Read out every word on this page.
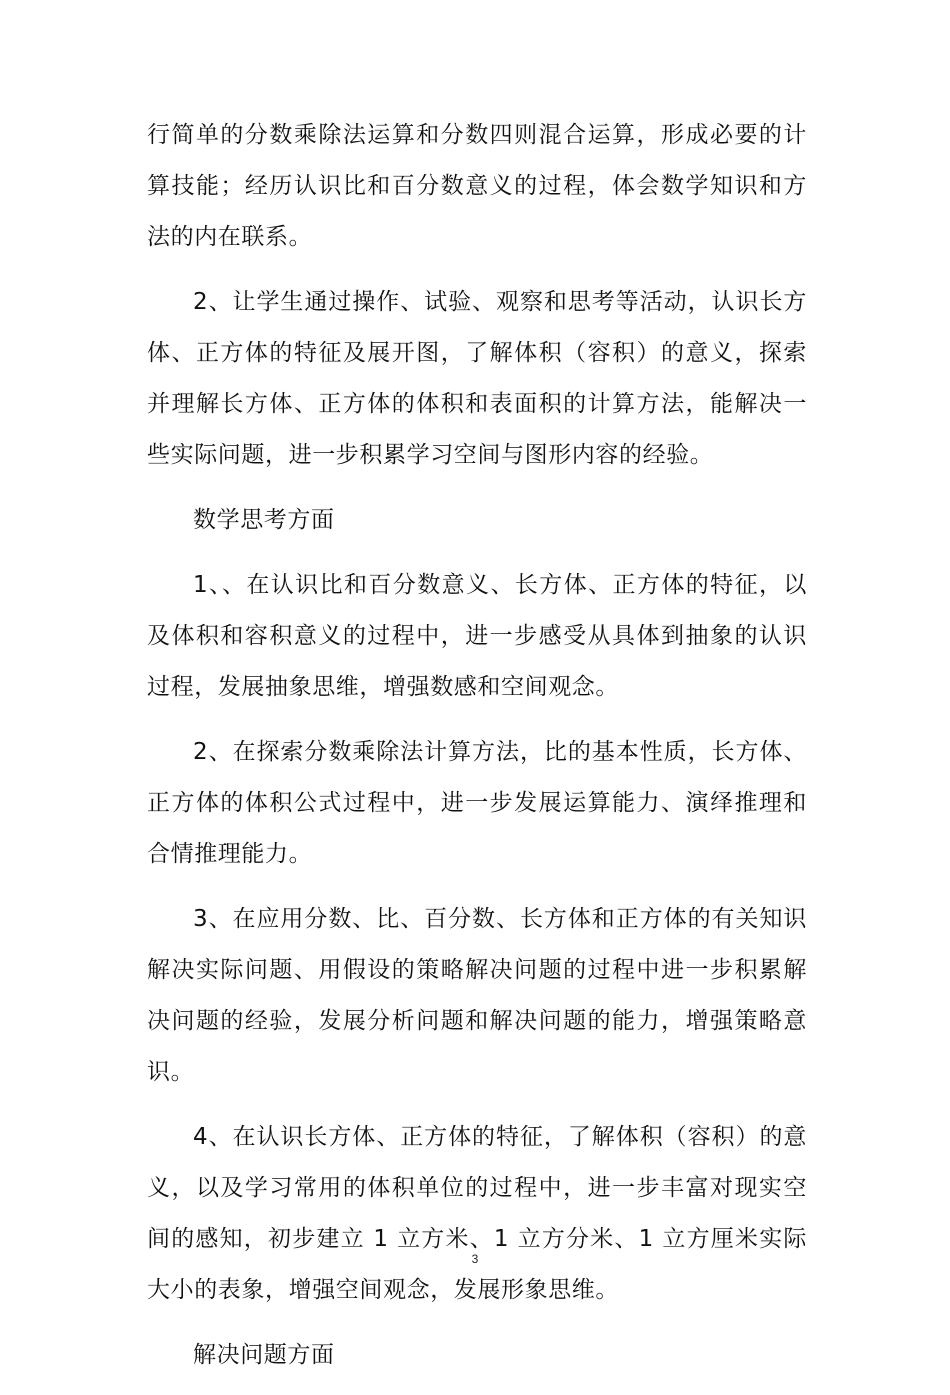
行简单的分数乘除法运算和分数四则混合运算，形成必要的计算技能；经历认识比和百分数意义的过程，体会数学知识和方法的内在联系。

2、让学生通过操作、试验、观察和思考等活动，认识长方体、正方体的特征及展开图，了解体积（容积）的意义，探索并理解长方体、正方体的体积和表面积的计算方法，能解决一些实际问题，进一步积累学习空间与图形内容的经验。

数学思考方面

1、、在认识比和百分数意义、长方体、正方体的特征，以及体积和容积意义的过程中，进一步感受从具体到抽象的认识过程，发展抽象思维，增强数感和空间观念。

2、在探索分数乘除法计算方法，比的基本性质，长方体、正方体的体积公式过程中，进一步发展运算能力、演绎推理和合情推理能力。

3、在应用分数、比、百分数、长方体和正方体的有关知识解决实际问题、用假设的策略解决问题的过程中进一步积累解决问题的经验，发展分析问题和解决问题的能力，增强策略意识。

4、在认识长方体、正方体的特征，了解体积（容积）的意义，以及学习常用的体积单位的过程中，进一步丰富对现实空间的感知，初步建立 1 立方米、1 立方分米、1 立方厘米实际大小的表象，增强空间观念，发展形象思维。

解决问题方面

3
